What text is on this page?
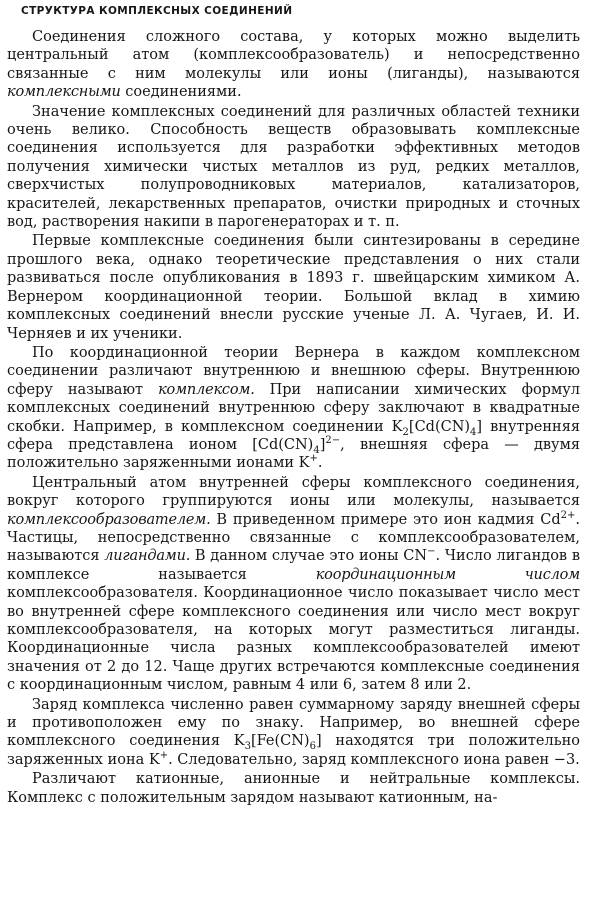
СТРУКТУРА КОМПЛЕКСНЫХ СОЕДИНЕНИЙ

Соединения сложного состава, у которых можно выделить центральный атом (комплексообразователь) и непосредственно связанные с ним молекулы или ионы (лиганды), называются комплексными соединениями.

Значение комплексных соединений для различных областей техники очень велико. Способность веществ образовывать комплексные соединения используется для разработки эффективных методов получения химически чистых металлов из руд, редких металлов, сверхчистых полупроводниковых материалов, катализаторов, красителей, лекарственных препаратов, очистки природных и сточных вод, растворения накипи в парогенераторах и т. п.

Первые комплексные соединения были синтезированы в середине прошлого века, однако теоретические представления о них стали развиваться после опубликования в 1893 г. швейцарским химиком А. Вернером координационной теории. Большой вклад в химию комплексных соединений внесли русские ученые Л. А. Чугаев, И. И. Черняев и их ученики.

По координационной теории Вернера в каждом комплексном соединении различают внутреннюю и внешнюю сферы. Внутреннюю сферу называют комплексом. При написании химических формул комплексных соединений внутреннюю сферу заключают в квадратные скобки. Например, в комплексном соединении $K_2[Cd(CN)_4]$ внутренняя сфера представлена ионом $[Cd(CN)_4]^{2-}$, внешняя сфера — двумя положительно заряженными ионами K+.

Центральный атом внутренней сферы комплексного соединения, вокруг которого группируются ионы или молекулы, называется комплексообразователем. В приведенном примере это ион кадмия $Cd^{2+}$. Частицы, непосредственно связанные с комплексообразователем, называются лигандами. В данном случае это ионы CN−. Число лигандов в комплексе называется координационным числом комплексообразователя. Координационное число показывает число мест во внутренней сфере комплексного соединения или число мест вокруг комплексообразователя, на которых могут разместиться лиганды. Координационные числа разных комплексообразователей имеют значения от 2 до 12. Чаще других встречаются комплексные соединения с координационным числом, равным 4 или 6, затем 8 или 2.

Заряд комплекса численно равен суммарному заряду внешней сферы и противоположен ему по знаку. Например, во внешней сфере комплексного соединения $K_3[Fe(CN)_6]$ находятся три положительно заряженных иона K+. Следовательно, заряд комплексного иона равен −3.

Различают катионные, анионные и нейтральные комплексы. Комплекс с положительным зарядом называют катионным, на-
